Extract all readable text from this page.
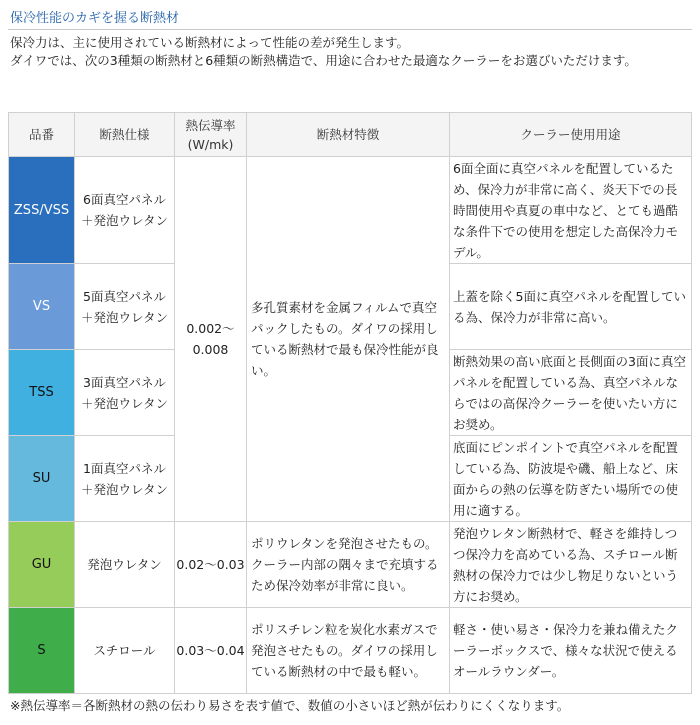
保冷性能のカギを握る断熱材

保冷力は、主に使用されている断熱材によって性能の差が発生します。

ダイワでは、次の3種類の断熱材と6種類の断熱構造で、用途に合わせた最適なクーラーをお選びいただけます。

品番	断熱仕様	熱伝導率
(W/mk)	断熱材特徴	クーラー使用用途
ZSS/VSS	6面真空パネル
＋発泡ウレタン	0.002〜0.008	多孔質素材を金属フィルムで真空パックしたもの。ダイワの採用している断熱材で最も保冷性能が良い。	6面全面に真空パネルを配置しているため、保冷力が非常に高く、炎天下での長時間使用や真夏の車中など、とても過酷な条件下での使用を想定した高保冷力モデル。
VS	5面真空パネル
＋発泡ウレタン			上蓋を除く5面に真空パネルを配置している為、保冷力が非常に高い。
TSS	3面真空パネル
＋発泡ウレタン			断熱効果の高い底面と長側面の3面に真空パネルを配置している為、真空パネルならではの高保冷クーラーを使いたい方にお奨め。
SU	1面真空パネル
＋発泡ウレタン			底面にピンポイントで真空パネルを配置している為、防波堤や磯、船上など、床面からの熱の伝導を防ぎたい場所での使用に適する。
GU	発泡ウレタン	0.02〜0.03	ポリウレタンを発泡させたもの。クーラー内部の隅々まで充填するため保冷効率が非常に良い。	発泡ウレタン断熱材で、軽さを維持しつつ保冷力を高めている為、スチロール断熱材の保冷力では少し物足りないという方にお奨め。
S	スチロール	0.03〜0.04	ポリスチレン粒を炭化水素ガスで発泡させたもの。ダイワの採用している断熱材の中で最も軽い。	軽さ・使い易さ・保冷力を兼ね備えたクーラーボックスで、様々な状況で使えるオールラウンダー。
※熱伝導率＝各断熱材の熱の伝わり易さを表す値で、数値の小さいほど熱が伝わりにくくなります。
